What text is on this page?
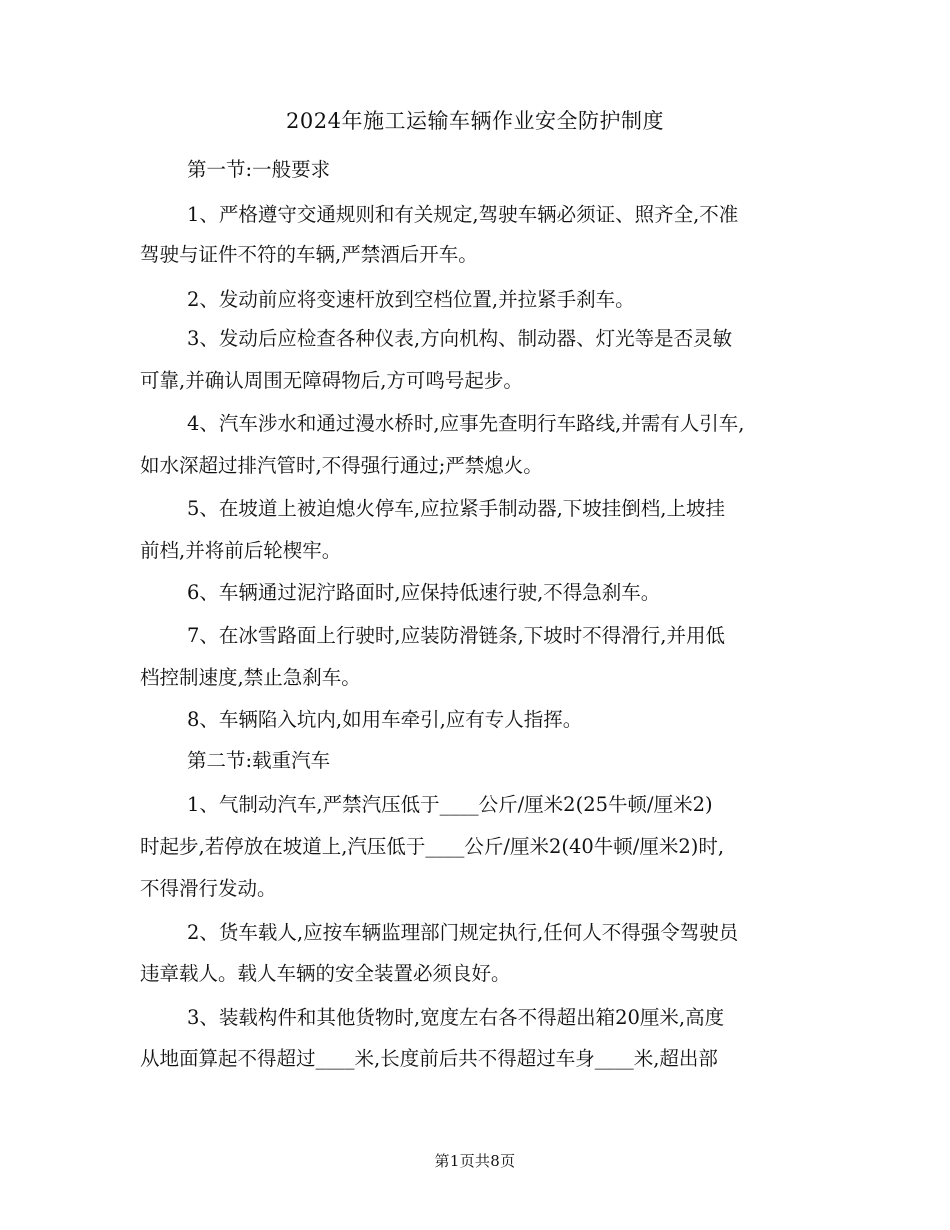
2024年施工运输车辆作业安全防护制度
第一节:一般要求
1、严格遵守交通规则和有关规定,驾驶车辆必须证、照齐全,不准
驾驶与证件不符的车辆,严禁酒后开车。
2、发动前应将变速杆放到空档位置,并拉紧手刹车。
3、发动后应检查各种仪表,方向机构、制动器、灯光等是否灵敏
可靠,并确认周围无障碍物后,方可鸣号起步。
4、汽车涉水和通过漫水桥时,应事先查明行车路线,并需有人引车,
如水深超过排汽管时,不得强行通过;严禁熄火。
5、在坡道上被迫熄火停车,应拉紧手制动器,下坡挂倒档,上坡挂
前档,并将前后轮楔牢。
6、车辆通过泥泞路面时,应保持低速行驶,不得急刹车。
7、在冰雪路面上行驶时,应装防滑链条,下坡时不得滑行,并用低
档控制速度,禁止急刹车。
8、车辆陷入坑内,如用车牵引,应有专人指挥。
第二节:载重汽车
1、气制动汽车,严禁汽压低于____公斤/厘米2(25牛顿/厘米2)
时起步,若停放在坡道上,汽压低于____公斤/厘米2(40牛顿/厘米2)时,
不得滑行发动。
2、货车载人,应按车辆监理部门规定执行,任何人不得强令驾驶员
违章载人。载人车辆的安全装置必须良好。
3、装载构件和其他货物时,宽度左右各不得超出箱20厘米,高度
从地面算起不得超过____米,长度前后共不得超过车身____米,超出部
第1页共8页
